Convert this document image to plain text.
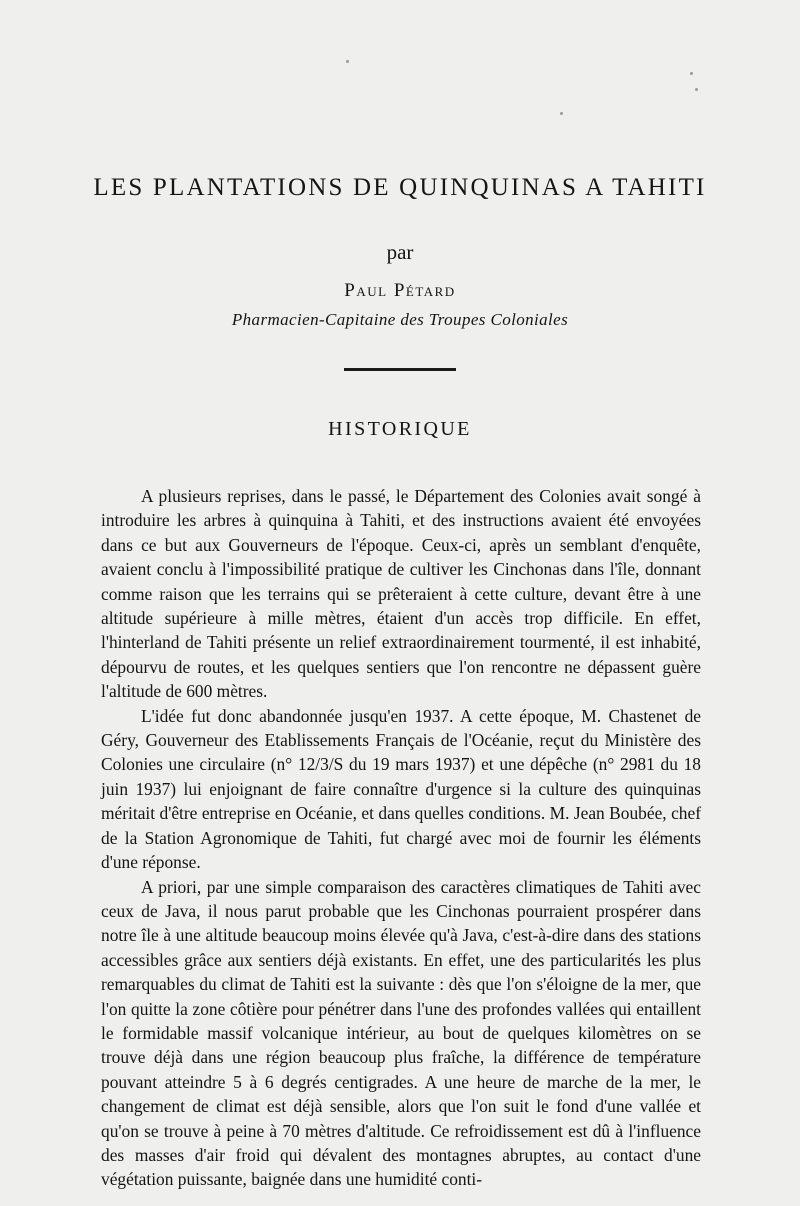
LES PLANTATIONS DE QUINQUINAS A TAHITI

par

Paul Pétard

Pharmacien-Capitaine des Troupes Coloniales

HISTORIQUE

A plusieurs reprises, dans le passé, le Département des Colonies avait songé à introduire les arbres à quinquina à Tahiti, et des instructions avaient été envoyées dans ce but aux Gouverneurs de l'époque. Ceux-ci, après un semblant d'enquête, avaient conclu à l'impossibilité pratique de cultiver les Cinchonas dans l'île, donnant comme raison que les terrains qui se prêteraient à cette culture, devant être à une altitude supérieure à mille mètres, étaient d'un accès trop difficile. En effet, l'hinterland de Tahiti présente un relief extraordinairement tourmenté, il est inhabité, dépourvu de routes, et les quelques sentiers que l'on rencontre ne dépassent guère l'altitude de 600 mètres.

L'idée fut donc abandonnée jusqu'en 1937. A cette époque, M. Chastenet de Géry, Gouverneur des Etablissements Français de l'Océanie, reçut du Ministère des Colonies une circulaire (n° 12/3/S du 19 mars 1937) et une dépêche (n° 2981 du 18 juin 1937) lui enjoignant de faire connaître d'urgence si la culture des quinquinas méritait d'être entreprise en Océanie, et dans quelles conditions. M. Jean Boubée, chef de la Station Agronomique de Tahiti, fut chargé avec moi de fournir les éléments d'une réponse.

A priori, par une simple comparaison des caractères climatiques de Tahiti avec ceux de Java, il nous parut probable que les Cinchonas pourraient prospérer dans notre île à une altitude beaucoup moins élevée qu'à Java, c'est-à-dire dans des stations accessibles grâce aux sentiers déjà existants. En effet, une des particularités les plus remarquables du climat de Tahiti est la suivante : dès que l'on s'éloigne de la mer, que l'on quitte la zone côtière pour pénétrer dans l'une des profondes vallées qui entaillent le formidable massif volcanique intérieur, au bout de quelques kilomètres on se trouve déjà dans une région beaucoup plus fraîche, la différence de température pouvant atteindre 5 à 6 degrés centigrades. A une heure de marche de la mer, le changement de climat est déjà sensible, alors que l'on suit le fond d'une vallée et qu'on se trouve à peine à 70 mètres d'altitude. Ce refroidissement est dû à l'influence des masses d'air froid qui dévalent des montagnes abruptes, au contact d'une végétation puissante, baignée dans une humidité conti-
